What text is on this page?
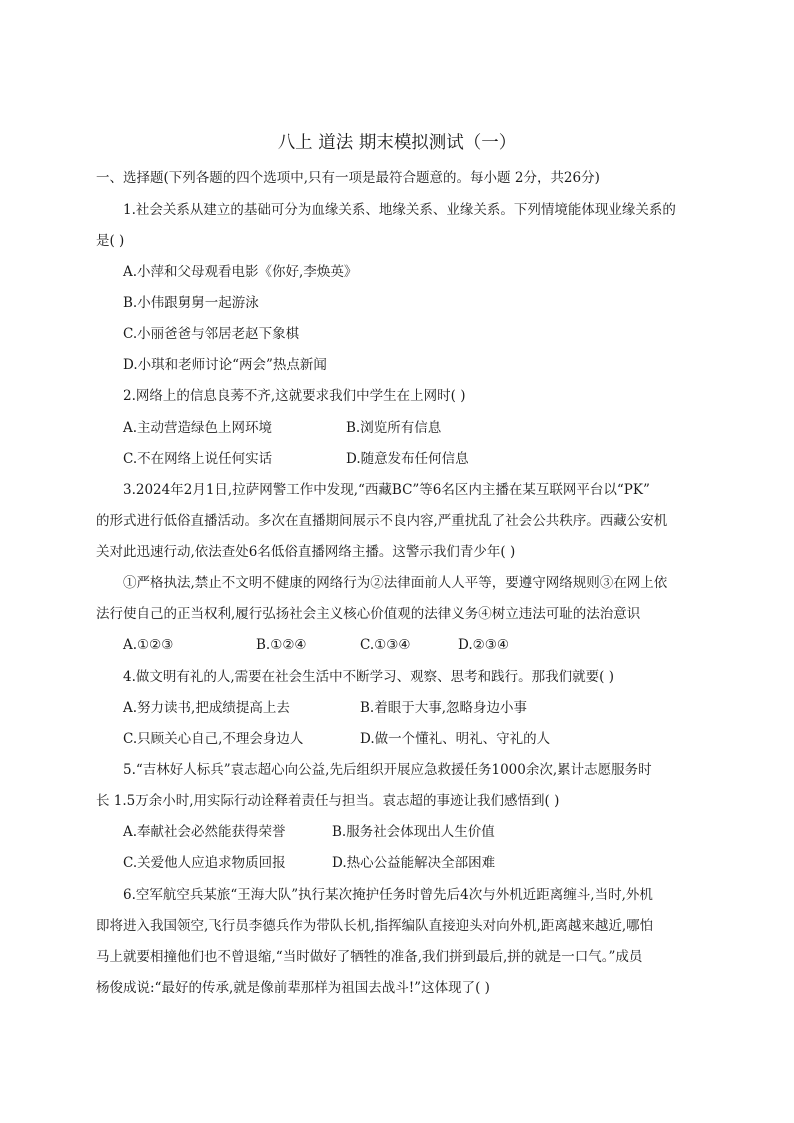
八上 道法 期末模拟测试（一）
一、选择题(下列各题的四个选项中,只有一项是最符合题意的。每小题 2分，共26分)
1.社会关系从建立的基础可分为血缘关系、地缘关系、业缘关系。下列情境能体现业缘关系的
是( )
A.小萍和父母观看电影《你好,李焕英》
B.小伟跟舅舅一起游泳
C.小丽爸爸与邻居老赵下象棋
D.小琪和老师讨论“两会”热点新闻
2.网络上的信息良莠不齐,这就要求我们中学生在上网时( )
A.主动营造绿色上网环境	B.浏览所有信息
C.不在网络上说任何实话	D.随意发布任何信息
3.2024年2月1日,拉萨网警工作中发现,“西藏BC”等6名区内主播在某互联网平台以“PK”
的形式进行低俗直播活动。多次在直播期间展示不良内容,严重扰乱了社会公共秩序。西藏公安机
关对此迅速行动,依法查处6名低俗直播网络主播。这警示我们青少年( )
①严格执法,禁止不文明不健康的网络行为②法律面前人人平等，要遵守网络规则③在网上依
法行使自己的正当权利,履行弘扬社会主义核心价值观的法律义务④树立违法可耻的法治意识
A.①②③	B.①②④	C.①③④	D.②③④
4.做文明有礼的人,需要在社会生活中不断学习、观察、思考和践行。那我们就要( )
A.努力读书,把成绩提高上去	B.着眼于大事,忽略身边小事
C.只顾关心自己,不理会身边人	D.做一个懂礼、明礼、守礼的人
5.“吉林好人标兵”袁志超心向公益,先后组织开展应急救援任务1000余次,累计志愿服务时
长 1.5万余小时,用实际行动诠释着责任与担当。袁志超的事迹让我们感悟到( )
A.奉献社会必然能获得荣誉	B.服务社会体现出人生价值
C.关爱他人应追求物质回报	D.热心公益能解决全部困难
6.空军航空兵某旅“王海大队”执行某次掩护任务时曾先后4次与外机近距离缠斗,当时,外机
即将进入我国领空,飞行员李德兵作为带队长机,指挥编队直接迎头对向外机,距离越来越近,哪怕
马上就要相撞他们也不曾退缩,“当时做好了牺牲的准备,我们拼到最后,拼的就是一口气。”成员
杨俊成说:“最好的传承,就是像前辈那样为祖国去战斗!”这体现了( )
